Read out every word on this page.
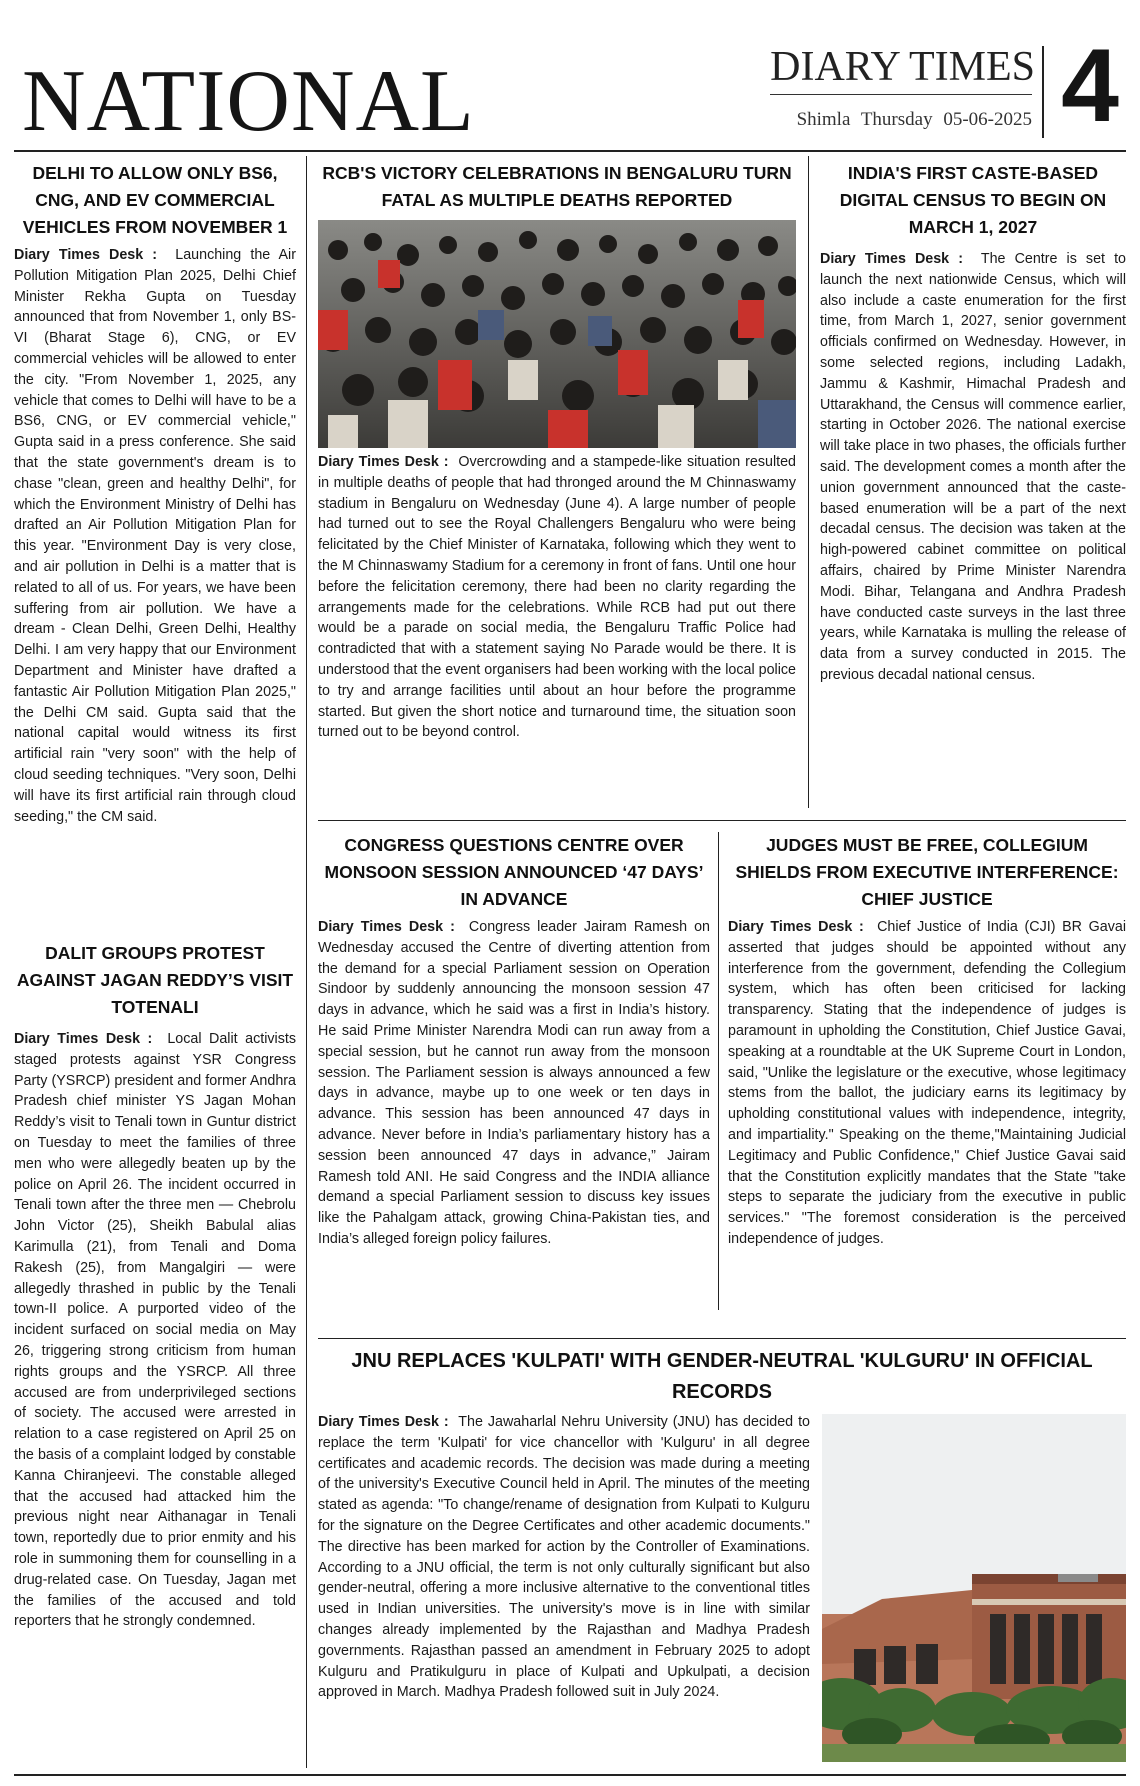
NATIONAL	DIARY TIMES
Shimla Thursday 05-06-2025 4
DELHI TO ALLOW ONLY BS6, CNG, AND EV COMMERCIAL VEHICLES FROM NOVEMBER 1

Diary Times Desk : Launching the Air Pollution Mitigation Plan 2025, Delhi Chief Minister Rekha Gupta on Tuesday announced that from November 1, only BS-VI (Bharat Stage 6), CNG, or EV commercial vehicles will be allowed to enter the city. "From November 1, 2025, any vehicle that comes to Delhi will have to be a BS6, CNG, or EV commercial vehicle," Gupta said in a press conference. She said that the state government's dream is to chase "clean, green and healthy Delhi", for which the Environment Ministry of Delhi has drafted an Air Pollution Mitigation Plan for this year. "Environment Day is very close, and air pollution in Delhi is a matter that is related to all of us. For years, we have been suffering from air pollution. We have a dream - Clean Delhi, Green Delhi, Healthy Delhi. I am very happy that our Environment Department and Minister have drafted a fantastic Air Pollution Mitigation Plan 2025," the Delhi CM said. Gupta said that the national capital would witness its first artificial rain "very soon" with the help of cloud seeding techniques. "Very soon, Delhi will have its first artificial rain through cloud seeding," the CM said.

DALIT GROUPS PROTEST AGAINST JAGAN REDDY’S VISIT TOTENALI

Diary Times Desk : Local Dalit activists staged protests against YSR Congress Party (YSRCP) president and former Andhra Pradesh chief minister YS Jagan Mohan Reddy’s visit to Tenali town in Guntur district on Tuesday to meet the families of three men who were allegedly beaten up by the police on April 26. The incident occurred in Tenali town after the three men — Chebrolu John Victor (25), Sheikh Babulal alias Karimulla (21), from Tenali and Doma Rakesh (25), from Mangalgiri — were allegedly thrashed in public by the Tenali town-II police. A purported video of the incident surfaced on social media on May 26, triggering strong criticism from human rights groups and the YSRCP. All three accused are from underprivileged sections of society. The accused were arrested in relation to a case registered on April 25 on the basis of a complaint lodged by constable Kanna Chiranjeevi. The constable alleged that the accused had attacked him the previous night near Aithanagar in Tenali town, reportedly due to prior enmity and his role in summoning them for counselling in a drug-related case. On Tuesday, Jagan met the families of the accused and told reporters that he strongly condemned.

RCB'S VICTORY CELEBRATIONS IN BENGALURU TURN FATAL AS MULTIPLE DEATHS REPORTED

Diary Times Desk : Overcrowding and a stampede-like situation resulted in multiple deaths of people that had thronged around the M Chinnaswamy stadium in Bengaluru on Wednesday (June 4). A large number of people had turned out to see the Royal Challengers Bengaluru who were being felicitated by the Chief Minister of Karnataka, following which they went to the M Chinnaswamy Stadium for a ceremony in front of fans. Until one hour before the felicitation ceremony, there had been no clarity regarding the arrangements made for the celebrations. While RCB had put out there would be a parade on social media, the Bengaluru Traffic Police had contradicted that with a statement saying No Parade would be there. It is understood that the event organisers had been working with the local police to try and arrange facilities until about an hour before the programme started. But given the short notice and turnaround time, the situation soon turned out to be beyond control.

INDIA'S FIRST CASTE-BASED DIGITAL CENSUS TO BEGIN ON MARCH 1, 2027

Diary Times Desk : The Centre is set to launch the next nationwide Census, which will also include a caste enumeration for the first time, from March 1, 2027, senior government officials confirmed on Wednesday. However, in some selected regions, including Ladakh, Jammu & Kashmir, Himachal Pradesh and Uttarakhand, the Census will commence earlier, starting in October 2026. The national exercise will take place in two phases, the officials further said. The development comes a month after the union government announced that the caste-based enumeration will be a part of the next decadal census. The decision was taken at the high-powered cabinet committee on political affairs, chaired by Prime Minister Narendra Modi. Bihar, Telangana and Andhra Pradesh have conducted caste surveys in the last three years, while Karnataka is mulling the release of data from a survey conducted in 2015. The previous decadal national census.

CONGRESS QUESTIONS CENTRE OVER MONSOON SESSION ANNOUNCED ‘47 DAYS’ IN ADVANCE

Diary Times Desk : Congress leader Jairam Ramesh on Wednesday accused the Centre of diverting attention from the demand for a special Parliament session on Operation Sindoor by suddenly announcing the monsoon session 47 days in advance, which he said was a first in India’s history. He said Prime Minister Narendra Modi can run away from a special session, but he cannot run away from the monsoon session. The Parliament session is always announced a few days in advance, maybe up to one week or ten days in advance. This session has been announced 47 days in advance. Never before in India’s parliamentary history has a session been announced 47 days in advance,” Jairam Ramesh told ANI. He said Congress and the INDIA alliance demand a special Parliament session to discuss key issues like the Pahalgam attack, growing China-Pakistan ties, and India’s alleged foreign policy failures.

JUDGES MUST BE FREE, COLLEGIUM SHIELDS FROM EXECUTIVE INTERFERENCE: CHIEF JUSTICE

Diary Times Desk : Chief Justice of India (CJI) BR Gavai asserted that judges should be appointed without any interference from the government, defending the Collegium system, which has often been criticised for lacking transparency. Stating that the independence of judges is paramount in upholding the Constitution, Chief Justice Gavai, speaking at a roundtable at the UK Supreme Court in London, said, "Unlike the legislature or the executive, whose legitimacy stems from the ballot, the judiciary earns its legitimacy by upholding constitutional values with independence, integrity, and impartiality." Speaking on the theme,"Maintaining Judicial Legitimacy and Public Confidence," Chief Justice Gavai said that the Constitution explicitly mandates that the State "take steps to separate the judiciary from the executive in public services." "The foremost consideration is the perceived independence of judges.

JNU REPLACES 'KULPATI' WITH GENDER-NEUTRAL 'KULGURU' IN OFFICIAL RECORDS

Diary Times Desk : The Jawaharlal Nehru University (JNU) has decided to replace the term 'Kulpati' for vice chancellor with 'Kulguru' in all degree certificates and academic records. The decision was made during a meeting of the university's Executive Council held in April. The minutes of the meeting stated as agenda: "To change/rename of designation from Kulpati to Kulguru for the signature on the Degree Certificates and other academic documents." The directive has been marked for action by the Controller of Examinations. According to a JNU official, the term is not only culturally significant but also gender-neutral, offering a more inclusive alternative to the conventional titles used in Indian universities. The university's move is in line with similar changes already implemented by the Rajasthan and Madhya Pradesh governments. Rajasthan passed an amendment in February 2025 to adopt Kulguru and Pratikulguru in place of Kulpati and Upkulpati, a decision approved in March. Madhya Pradesh followed suit in July 2024.
